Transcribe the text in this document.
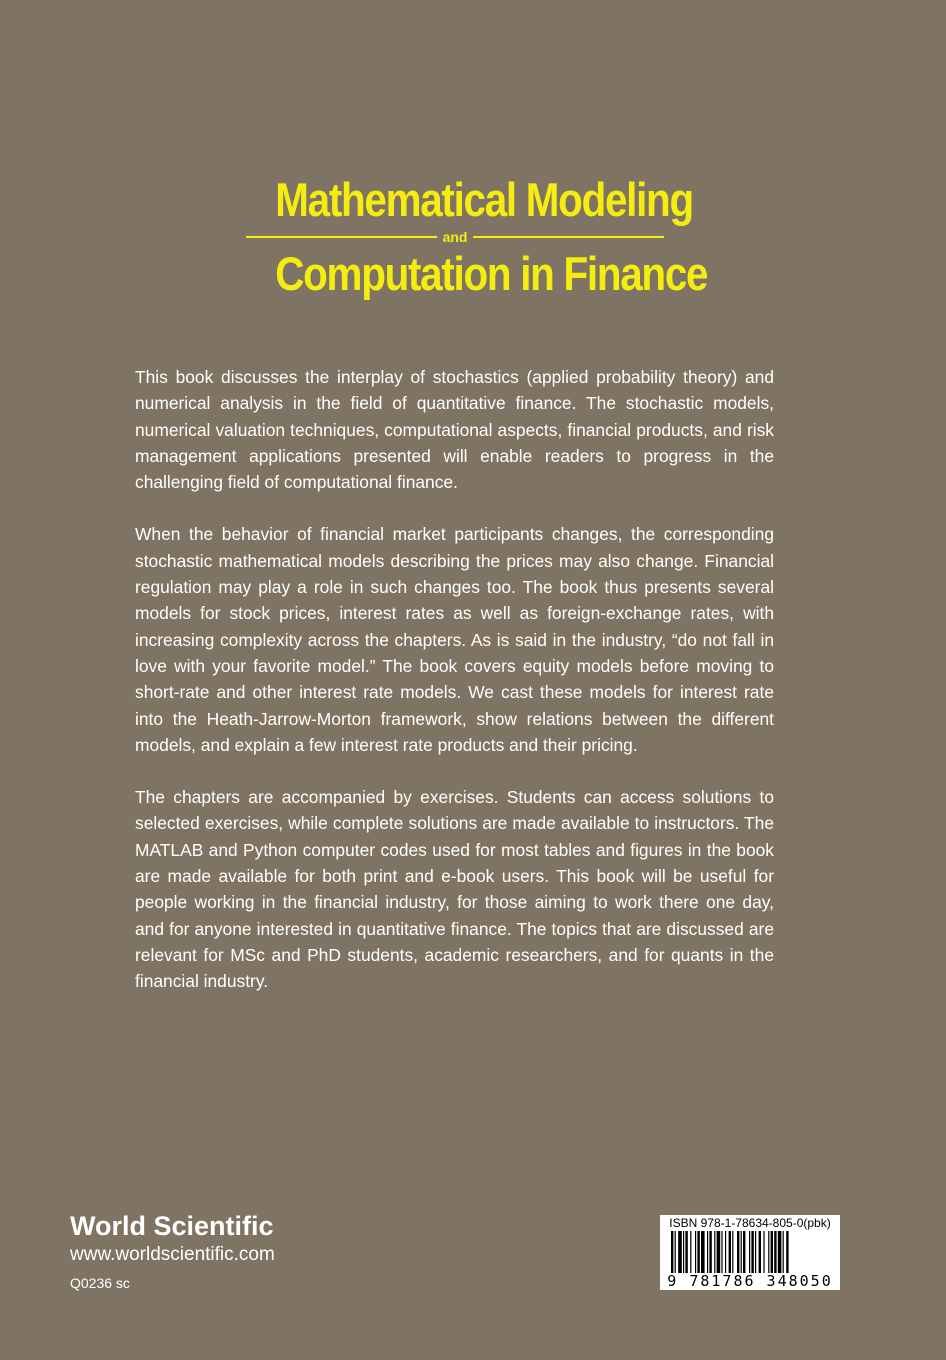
Mathematical Modeling
and
Computation in Finance

This book discusses the interplay of stochastics (applied probability theory) and numerical analysis in the field of quantitative finance. The stochastic models, numerical valuation techniques, computational aspects, financial products, and risk management applications presented will enable readers to progress in the challenging field of computational finance.

When the behavior of financial market participants changes, the corresponding stochastic mathematical models describing the prices may also change. Financial regulation may play a role in such changes too. The book thus presents several models for stock prices, interest rates as well as foreign-exchange rates, with increasing complexity across the chapters. As is said in the industry, “do not fall in love with your favorite model.” The book covers equity models before moving to short-rate and other interest rate models. We cast these models for interest rate into the Heath-Jarrow-Morton framework, show relations between the different models, and explain a few interest rate products and their pricing.

The chapters are accompanied by exercises. Students can access solutions to selected exercises, while complete solutions are made available to instructors. The MATLAB and Python computer codes used for most tables and figures in the book are made available for both print and e-book users. This book will be useful for people working in the financial industry, for those aiming to work there one day, and for anyone interested in quantitative finance. The topics that are discussed are relevant for MSc and PhD students, academic researchers, and for quants in the financial industry.

World Scientific
www.worldscientific.com
Q0236 sc
ISBN 978-1-78634-805-0(pbk)
9 781786 348050
